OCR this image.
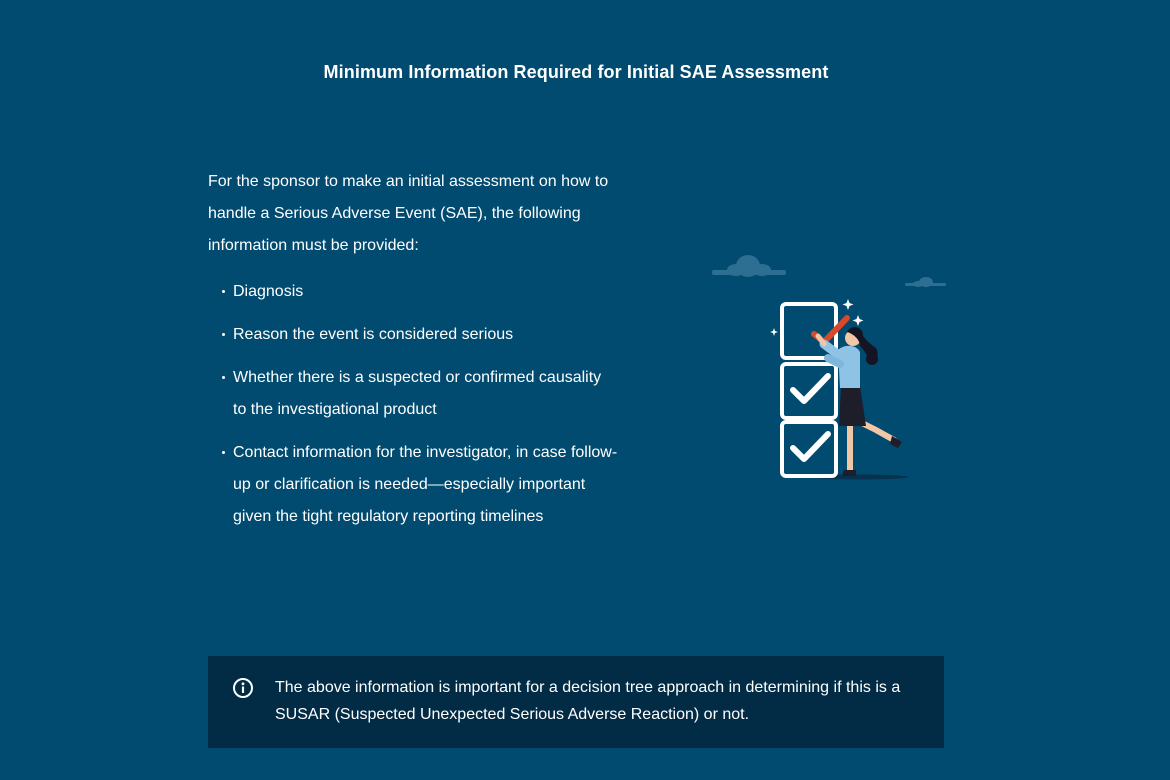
Minimum Information Required for Initial SAE Assessment

For the sponsor to make an initial assessment on how to handle a Serious Adverse Event (SAE), the following information must be provided:

Diagnosis
Reason the event is considered serious
Whether there is a suspected or confirmed causality to the investigational product
Contact information for the investigator, in case follow-up or clarification is needed—especially important given the tight regulatory reporting timelines
The above information is important for a decision tree approach in determining if this is a SUSAR (Suspected Unexpected Serious Adverse Reaction) or not.
